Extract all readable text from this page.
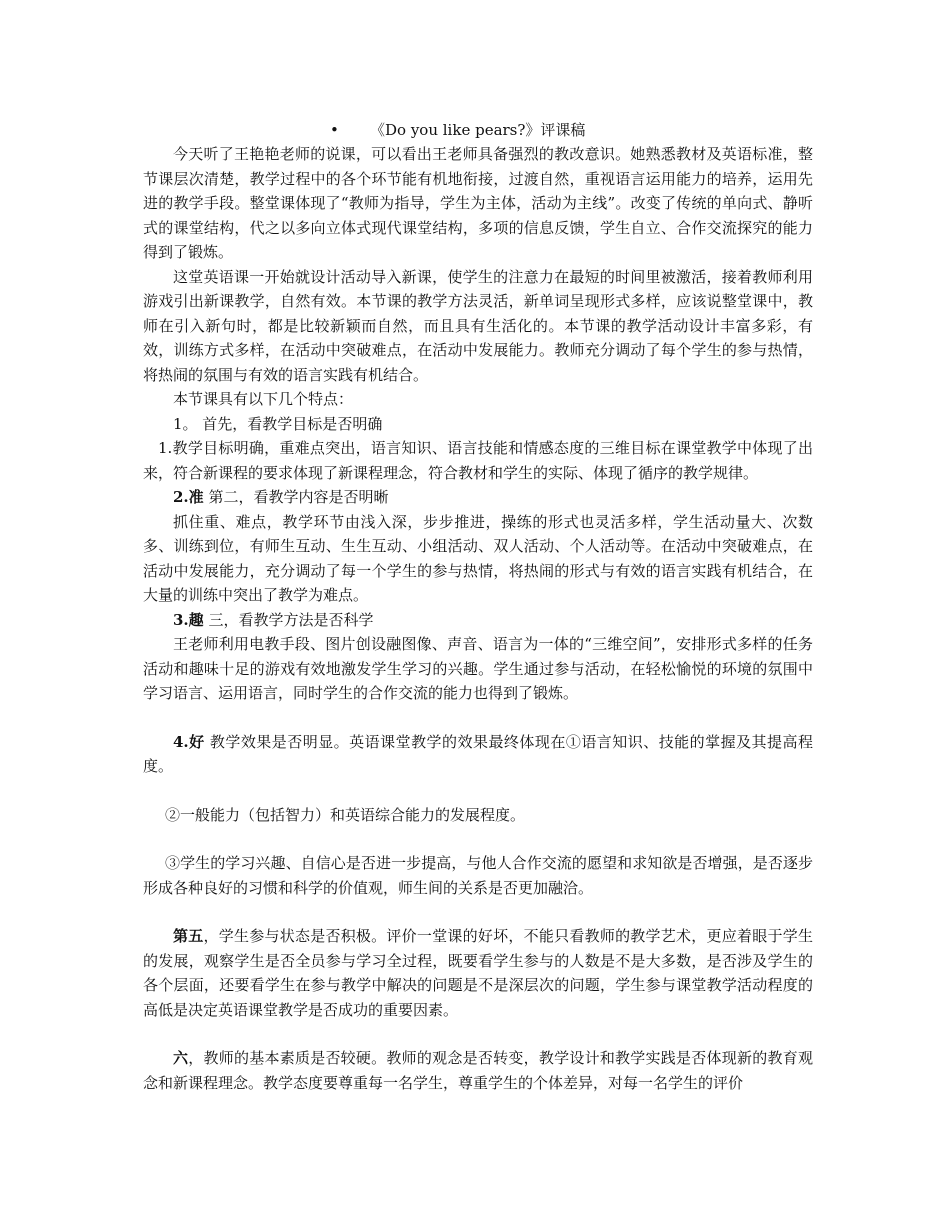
• 《Do you like pears?》评课稿

今天听了王艳艳老师的说课，可以看出王老师具备强烈的教改意识。她熟悉教材及英语标准，整节课层次清楚，教学过程中的各个环节能有机地衔接，过渡自然，重视语言运用能力的培养，运用先进的教学手段。整堂课体现了“教师为指导，学生为主体，活动为主线”。改变了传统的单向式、静听式的课堂结构，代之以多向立体式现代课堂结构，多项的信息反馈，学生自立、合作交流探究的能力得到了锻炼。

这堂英语课一开始就设计活动导入新课，使学生的注意力在最短的时间里被激活，接着教师利用游戏引出新课教学，自然有效。本节课的教学方法灵活，新单词呈现形式多样，应该说整堂课中，教师在引入新句时，都是比较新颖而自然，而且具有生活化的。本节课的教学活动设计丰富多彩，有效，训练方式多样，在活动中突破难点，在活动中发展能力。教师充分调动了每个学生的参与热情，将热闹的氛围与有效的语言实践有机结合。

本节课具有以下几个特点：

1。 首先，看教学目标是否明确

1.教学目标明确，重难点突出，语言知识、语言技能和情感态度的三维目标在课堂教学中体现了出来，符合新课程的要求体现了新课程理念，符合教材和学生的实际、体现了循序的教学规律。

2.准 第二，看教学内容是否明晰

抓住重、难点，教学环节由浅入深，步步推进，操练的形式也灵活多样，学生活动量大、次数多、训练到位，有师生互动、生生互动、小组活动、双人活动、个人活动等。在活动中突破难点，在活动中发展能力，充分调动了每一个学生的参与热情，将热闹的形式与有效的语言实践有机结合，在大量的训练中突出了教学为难点。

3.趣 三，看教学方法是否科学

王老师利用电教手段、图片创设融图像、声音、语言为一体的“三维空间”，安排形式多样的任务活动和趣味十足的游戏有效地激发学生学习的兴趣。学生通过参与活动，在轻松愉悦的环境的氛围中学习语言、运用语言，同时学生的合作交流的能力也得到了锻炼。

4.好 教学效果是否明显。英语课堂教学的效果最终体现在①语言知识、技能的掌握及其提高程度。

②一般能力（包括智力）和英语综合能力的发展程度。

③学生的学习兴趣、自信心是否进一步提高，与他人合作交流的愿望和求知欲是否增强，是否逐步形成各种良好的习惯和科学的价值观，师生间的关系是否更加融洽。

第五，学生参与状态是否积极。评价一堂课的好坏，不能只看教师的教学艺术，更应着眼于学生的发展，观察学生是否全员参与学习全过程，既要看学生参与的人数是不是大多数，是否涉及学生的各个层面，还要看学生在参与教学中解决的问题是不是深层次的问题，学生参与课堂教学活动程度的高低是决定英语课堂教学是否成功的重要因素。

六，教师的基本素质是否较硬。教师的观念是否转变，教学设计和教学实践是否体现新的教育观念和新课程理念。教学态度要尊重每一名学生，尊重学生的个体差异，对每一名学生的评价
